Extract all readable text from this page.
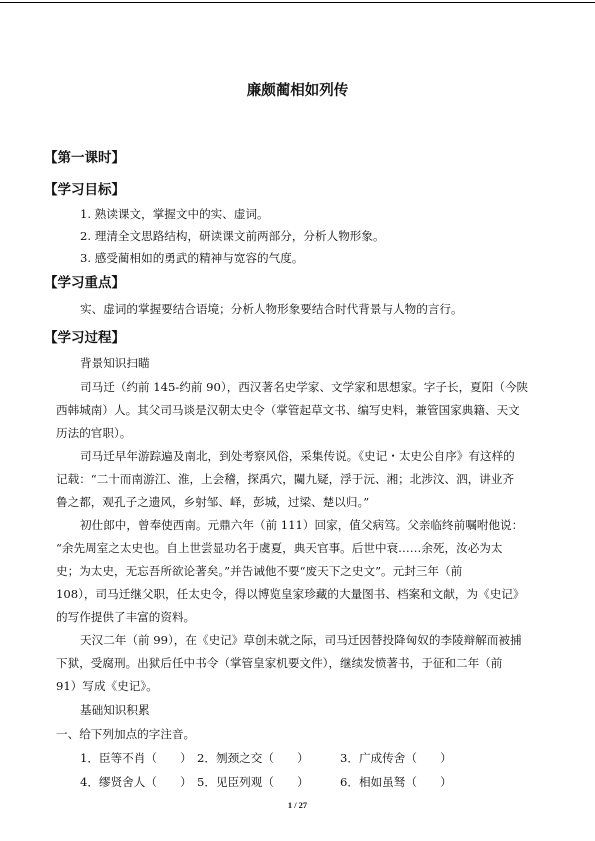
廉颇蔺相如列传
【第一课时】
【学习目标】
1. 熟读课文，掌握文中的实、虚词。
2. 理清全文思路结构，研读课文前两部分，分析人物形象。
3. 感受蔺相如的勇武的精神与宽容的气度。
【学习重点】
实、虚词的掌握要结合语境；分析人物形象要结合时代背景与人物的言行。
【学习过程】
背景知识扫瞄
司马迁（约前 145-约前 90），西汉著名史学家、文学家和思想家。字子长，夏阳（今陕
西韩城南）人。其父司马谈是汉朝太史令（掌管起草文书、编写史料，兼管国家典籍、天文
历法的官职）。
司马迁早年游踪遍及南北，到处考察风俗，采集传说。《史记・太史公自序》有这样的
记载：“二十而南游江、淮，上会稽，探禹穴，闚九疑，浮于沅、湘；北涉汶、泗，讲业齐
鲁之都，观孔子之遗风，乡射邹、峄，彭城，过梁、楚以归。”
初仕郎中，曾奉使西南。元鼎六年（前 111）回家，值父病笃。父亲临终前嘱咐他说：
“余先周室之太史也。自上世尝显功名于虞夏，典天官事。后世中衰……余死，汝必为太
史；为太史，无忘吾所欲论著矣。”并告诫他不要“废天下之史文”。元封三年（前
108），司马迁继父职，任太史令，得以博览皇家珍藏的大量图书、档案和文献，为《史记》
的写作提供了丰富的资料。
天汉二年（前 99），在《史记》草创未就之际，司马迁因替投降匈奴的李陵辩解而被捕
下狱，受腐刑。出狱后任中书令（掌管皇家机要文件），继续发愤著书，于征和二年（前
91）写成《史记》。
基础知识积累
一、给下列加点的字注音。
1．臣等不肖（　　） 2．刎颈之交（　　）	3．广成传舍（　　）
4．缪贤舍人（　　） 5．见臣列观（　　）	6．相如虽驽（　　）
1 / 27
